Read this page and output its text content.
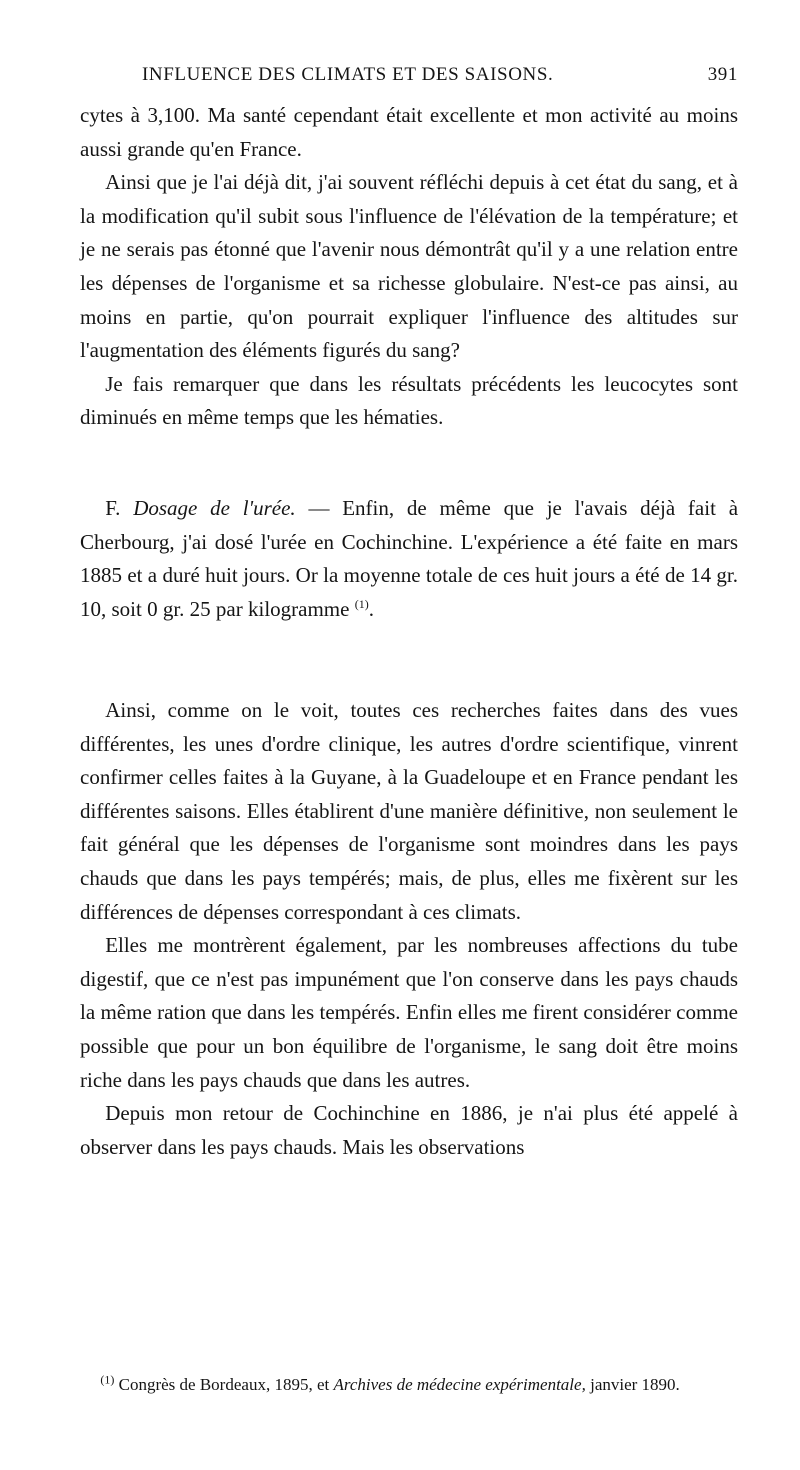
INFLUENCE DES CLIMATS ET DES SAISONS.	391

cytes à 3,100. Ma santé cependant était excellente et mon activité au moins aussi grande qu'en France.

Ainsi que je l'ai déjà dit, j'ai souvent réfléchi depuis à cet état du sang, et à la modification qu'il subit sous l'influence de l'élévation de la température; et je ne serais pas étonné que l'avenir nous démontrât qu'il y a une relation entre les dépenses de l'organisme et sa richesse globulaire. N'est-ce pas ainsi, au moins en partie, qu'on pourrait expliquer l'influence des altitudes sur l'augmentation des éléments figurés du sang?

Je fais remarquer que dans les résultats précédents les leucocytes sont diminués en même temps que les hématies.

F. Dosage de l'urée. — Enfin, de même que je l'avais déjà fait à Cherbourg, j'ai dosé l'urée en Cochinchine. L'expérience a été faite en mars 1885 et a duré huit jours. Or la moyenne totale de ces huit jours a été de 14 gr. 10, soit 0 gr. 25 par kilogramme $^{(1)}$.

Ainsi, comme on le voit, toutes ces recherches faites dans des vues différentes, les unes d'ordre clinique, les autres d'ordre scientifique, vinrent confirmer celles faites à la Guyane, à la Guadeloupe et en France pendant les différentes saisons. Elles établirent d'une manière définitive, non seulement le fait général que les dépenses de l'organisme sont moindres dans les pays chauds que dans les pays tempérés; mais, de plus, elles me fixèrent sur les différences de dépenses correspondant à ces climats.

Elles me montrèrent également, par les nombreuses affections du tube digestif, que ce n'est pas impunément que l'on conserve dans les pays chauds la même ration que dans les tempérés. Enfin elles me firent considérer comme possible que pour un bon équilibre de l'organisme, le sang doit être moins riche dans les pays chauds que dans les autres.

Depuis mon retour de Cochinchine en 1886, je n'ai plus été appelé à observer dans les pays chauds. Mais les observations

$^{(1)}$ Congrès de Bordeaux, 1895, et Archives de médecine expérimentale, janvier 1890.
